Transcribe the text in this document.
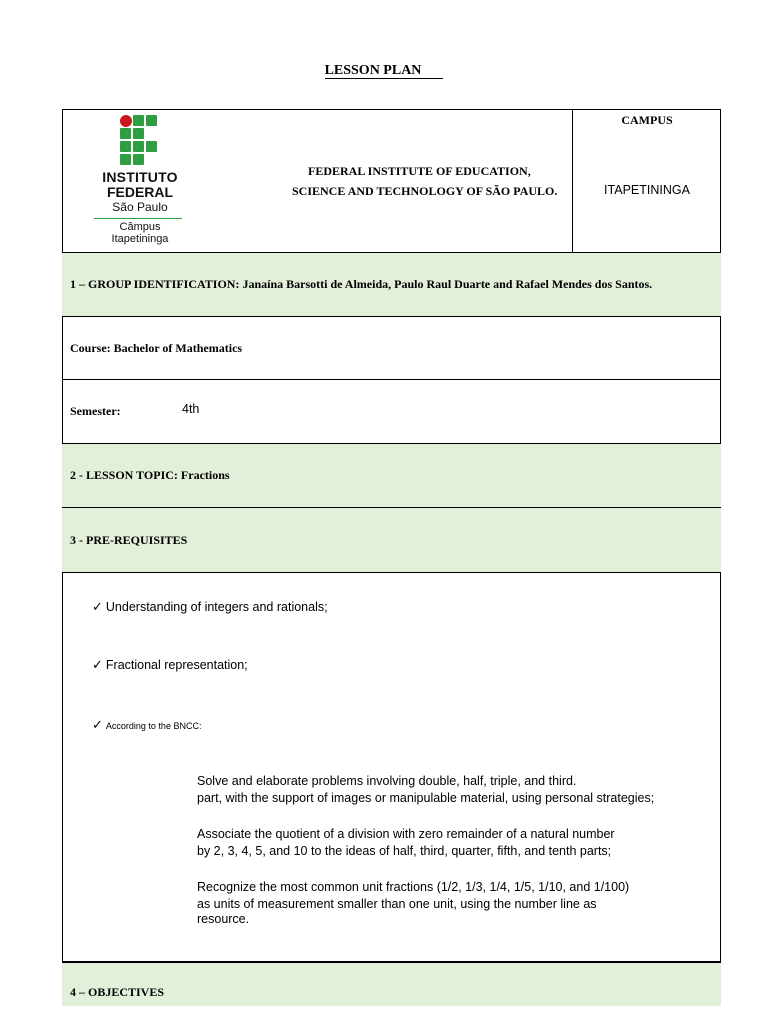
LESSON PLAN
INSTITUTO
FEDERAL
São Paulo
Câmpus
Itapetininga
FEDERAL INSTITUTE OF EDUCATION,
SCIENCE AND TECHNOLOGY OF SÃO PAULO.
CAMPUS
ITAPETININGA
1 – GROUP IDENTIFICATION: Janaína Barsotti de Almeida, Paulo Raul Duarte and Rafael Mendes dos Santos.
Course: Bachelor of Mathematics
Semester:	4th
2 - LESSON TOPIC: Fractions
3 - PRE-REQUISITES
✓ Understanding of integers and rationals;
✓ Fractional representation;
✓ According to the BNCC:
Solve and elaborate problems involving double, half, triple, and third.
part, with the support of images or manipulable material, using personal strategies;
Associate the quotient of a division with zero remainder of a natural number
by 2, 3, 4, 5, and 10 to the ideas of half, third, quarter, fifth, and tenth parts;
Recognize the most common unit fractions (1/2, 1/3, 1/4, 1/5, 1/10, and 1/100)
as units of measurement smaller than one unit, using the number line as
resource.
4 – OBJECTIVES
